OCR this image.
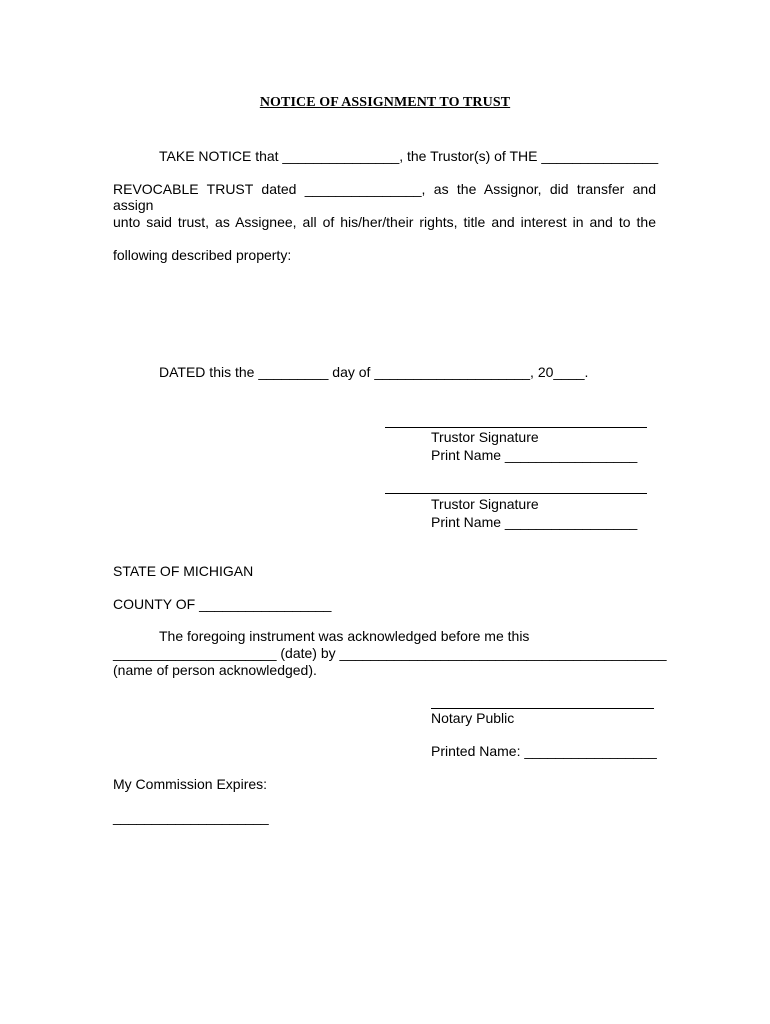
NOTICE OF ASSIGNMENT TO TRUST
TAKE NOTICE that _______________, the Trustor(s) of THE _______________
REVOCABLE TRUST dated _______________, as the Assignor, did transfer and assign
unto said trust, as Assignee, all of his/her/their rights, title and interest in and to the
following described property:
DATED this the _________ day of ____________________, 20____.
Trustor Signature
Print Name _________________
Trustor Signature
Print Name _________________
STATE OF MICHIGAN
COUNTY OF _________________
The foregoing instrument was acknowledged before me this
_____________________ (date) by __________________________________________
(name of person acknowledged).
Notary Public
Printed Name: _________________
My Commission Expires:
____________________
